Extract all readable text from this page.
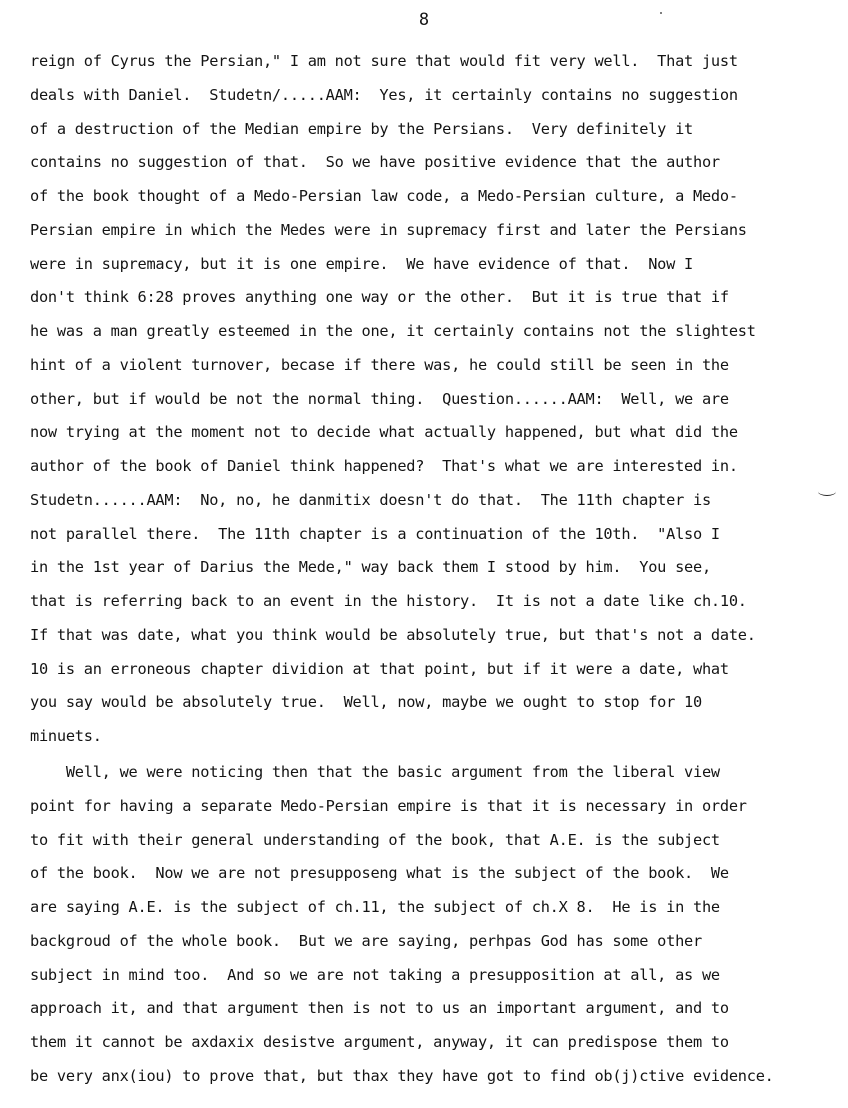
8
reign of Cyrus the Persian," I am not sure that would fit very well.  That just
deals with Daniel.  Studetn/.....AAM:  Yes, it certainly contains no suggestion
of a destruction of the Median empire by the Persians.  Very definitely it
contains no suggestion of that.  So we have positive evidence that the author
of the book thought of a Medo-Persian law code, a Medo-Persian culture, a Medo-
Persian empire in which the Medes were in supremacy first and later the Persians
were in supremacy, but it is one empire.  We have evidence of that.  Now I
don't think 6:28 proves anything one way or the other.  But it is true that if
he was a man greatly esteemed in the one, it certainly contains not the slightest
hint of a violent turnover, becase if there was, he could still be seen in the
other, but if would be not the normal thing.  Question......AAM:  Well, we are
now trying at the moment not to decide what actually happened, but what did the
author of the book of Daniel think happened?  That's what we are interested in.
Studetn......AAM:  No, no, he danmitix doesn't do that.  The 11th chapter is
not parallel there.  The 11th chapter is a continuation of the 10th.  "Also I
in the 1st year of Darius the Mede," way back them I stood by him.  You see,
that is referring back to an event in the history.  It is not a date like ch.10.
If that was date, what you think would be absolutely true, but that's not a date.
10 is an erroneous chapter dividion at that point, but if it were a date, what
you say would be absolutely true.  Well, now, maybe we ought to stop for 10
minuets.
Well, we were noticing then that the basic argument from the liberal view
point for having a separate Medo-Persian empire is that it is necessary in order
to fit with their general understanding of the book, that A.E. is the subject
of the book.  Now we are not presupposeng what is the subject of the book.  We
are saying A.E. is the subject of ch.11, the subject of ch.X 8.  He is in the
backgroud of the whole book.  But we are saying, perhpas God has some other
subject in mind too.  And so we are not taking a presupposition at all, as we
approach it, and that argument then is not to us an important argument, and to
them it cannot be axdaxix desistve argument, anyway, it can predispose them to
be very anx(iou) to prove that, but thax they have got to find ob(j)ctive evidence.
